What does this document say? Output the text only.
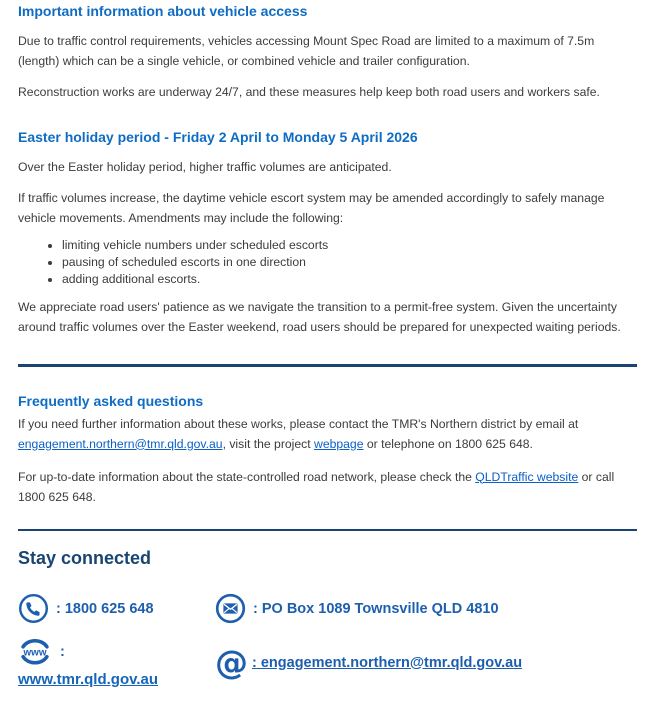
Important information about vehicle access

Due to traffic control requirements, vehicles accessing Mount Spec Road are limited to a maximum of 7.5m (length) which can be a single vehicle, or combined vehicle and trailer configuration.

Reconstruction works are underway 24/7, and these measures help keep both road users and workers safe.

Easter holiday period - Friday 2 April to Monday 5 April 2026

Over the Easter holiday period, higher traffic volumes are anticipated.

If traffic volumes increase, the daytime vehicle escort system may be amended accordingly to safely manage vehicle movements. Amendments may include the following:

• limiting vehicle numbers under scheduled escorts
• pausing of scheduled escorts in one direction
• adding additional escorts.

We appreciate road users' patience as we navigate the transition to a permit-free system. Given the uncertainty around traffic volumes over the Easter weekend, road users should be prepared for unexpected waiting periods.

Frequently asked questions

If you need further information about these works, please contact the TMR's Northern district by email at engagement.northern@tmr.qld.gov.au, visit the project webpage or telephone on 1800 625 648.

For up-to-date information about the state-controlled road network, please check the QLDTraffic website or call 1800 625 648.

Stay connected
: 1800 625 648	: PO Box 1089 Townsville QLD 4810
www :
www.tmr.qld.gov.au	@ : engagement.northern@tmr.qld.gov.au
